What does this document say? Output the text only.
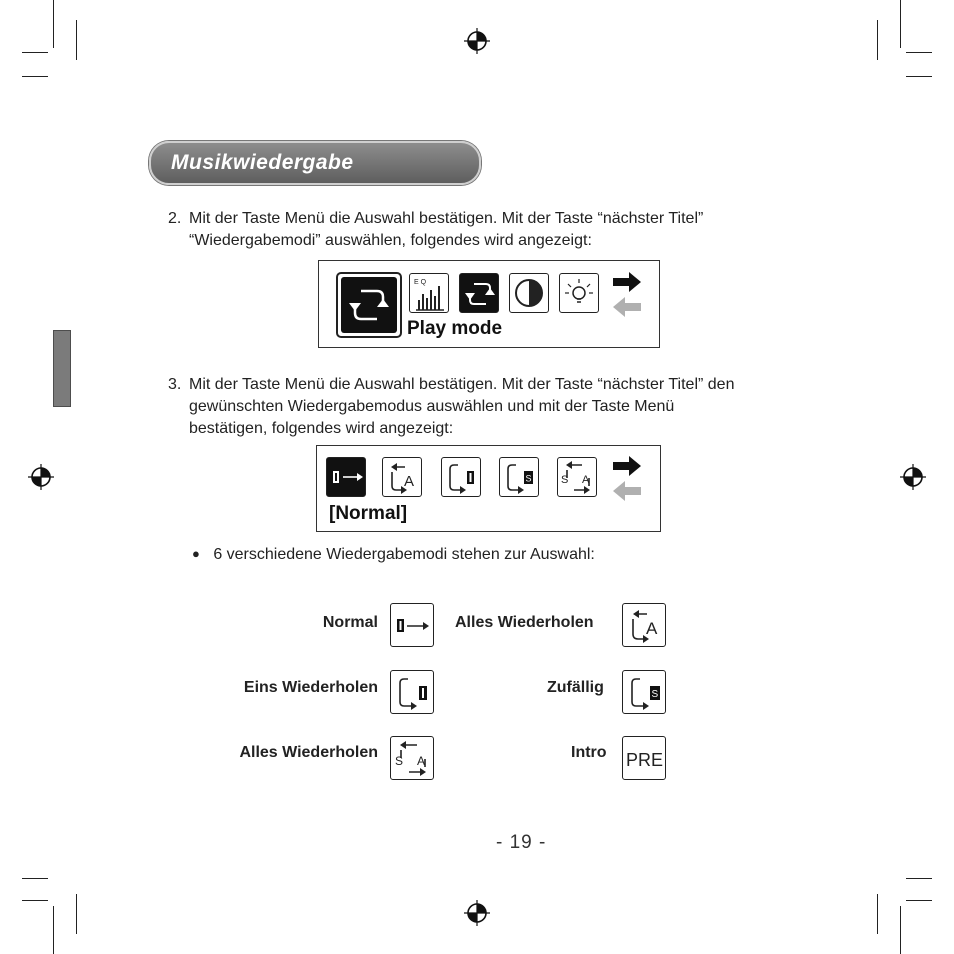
Musikwiedergabe
2. Mit der Taste Menü die Auswahl bestätigen. Mit der Taste “nächster Titel”
“Wiedergabemodi” auswählen, folgendes wird angezeigt:
E Q
Play mode
3. Mit der Taste Menü die Auswahl bestätigen. Mit der Taste “nächster Titel” den
gewünschten Wiedergabemodus auswählen und mit der Taste Menü
bestätigen, folgendes wird angezeigt:
A	S	S A
[Normal]
● 6 verschiedene Wiedergabemodi stehen zur Auswahl:
Normal	Alles Wiederholen	A
Eins Wiederholen	Zufällig	S
Alles Wiederholen S A	Intro PRE
- 19 -
